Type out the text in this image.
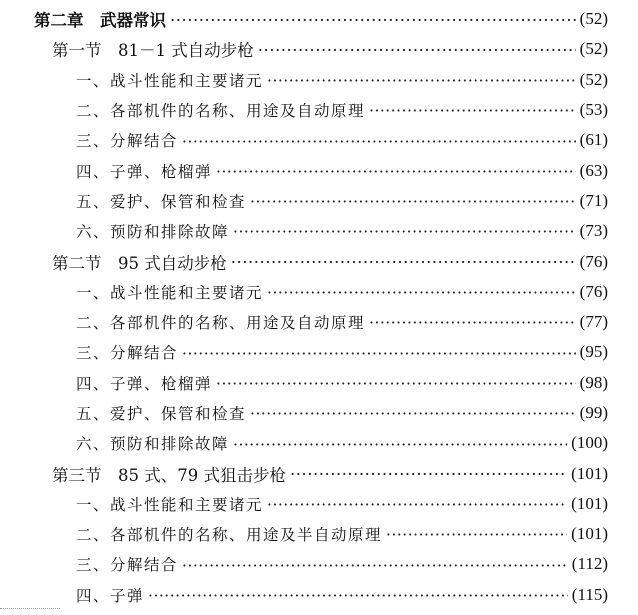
第二章　武器常识 ·····	(52)
第一节　81－1 式自动步枪 ·····	(52)
一、战斗性能和主要诸元 ·····	(52)
二、各部机件的名称、用途及自动原理 ·····	(53)
三、分解结合 ·····	(61)
四、子弹、枪榴弹 ·····	(63)
五、爱护、保管和检查 ·····	(71)
六、预防和排除故障 ·····	(73)
第二节　95 式自动步枪 ·····	(76)
一、战斗性能和主要诸元 ·····	(76)
二、各部机件的名称、用途及自动原理 ·····	(77)
三、分解结合 ·····	(95)
四、子弹、枪榴弹 ·····	(98)
五、爱护、保管和检查 ·····	(99)
六、预防和排除故障 ·····	(100)
第三节　85 式、79 式狙击步枪 ·····	(101)
一、战斗性能和主要诸元 ·····	(101)
二、各部机件的名称、用途及半自动原理 ·····	(101)
三、分解结合 ·····	(112)
四、子弹 ·····	(115)
